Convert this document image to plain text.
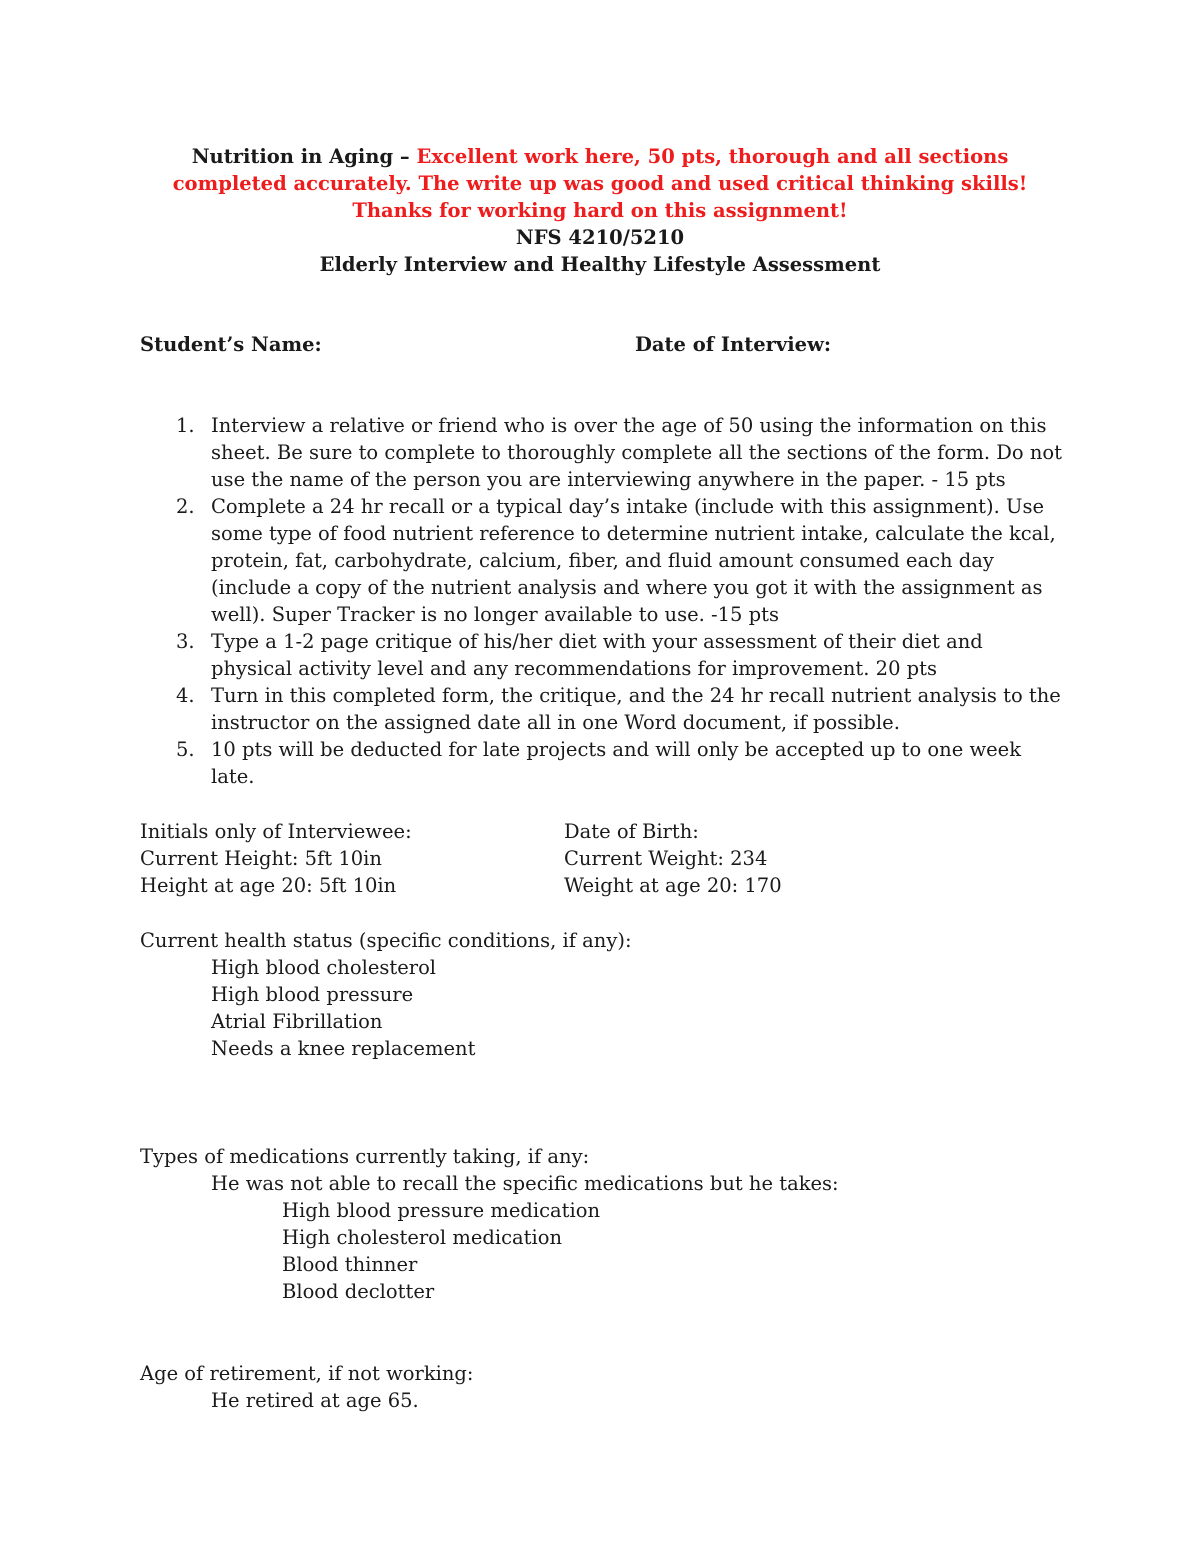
Nutrition in Aging – Excellent work here, 50 pts, thorough and all sections completed accurately. The write up was good and used critical thinking skills! Thanks for working hard on this assignment!
NFS 4210/5210
Elderly Interview and Healthy Lifestyle Assessment
Student’s Name:	Date of Interview:
1. Interview a relative or friend who is over the age of 50 using the information on this sheet. Be sure to complete to thoroughly complete all the sections of the form. Do not use the name of the person you are interviewing anywhere in the paper. - 15 pts
2. Complete a 24 hr recall or a typical day’s intake (include with this assignment). Use some type of food nutrient reference to determine nutrient intake, calculate the kcal, protein, fat, carbohydrate, calcium, fiber, and fluid amount consumed each day (include a copy of the nutrient analysis and where you got it with the assignment as well). Super Tracker is no longer available to use. -15 pts
3. Type a 1-2 page critique of his/her diet with your assessment of their diet and physical activity level and any recommendations for improvement. 20 pts
4. Turn in this completed form, the critique, and the 24 hr recall nutrient analysis to the instructor on the assigned date all in one Word document, if possible.
5. 10 pts will be deducted for late projects and will only be accepted up to one week late.
Initials only of Interviewee:	Date of Birth:
Current Height: 5ft 10in	Current Weight: 234
Height at age 20: 5ft 10in	Weight at age 20: 170
Current health status (specific conditions, if any):
High blood cholesterol
High blood pressure
Atrial Fibrillation
Needs a knee replacement
Types of medications currently taking, if any:
He was not able to recall the specific medications but he takes:
High blood pressure medication
High cholesterol medication
Blood thinner
Blood declotter
Age of retirement, if not working:
He retired at age 65.
